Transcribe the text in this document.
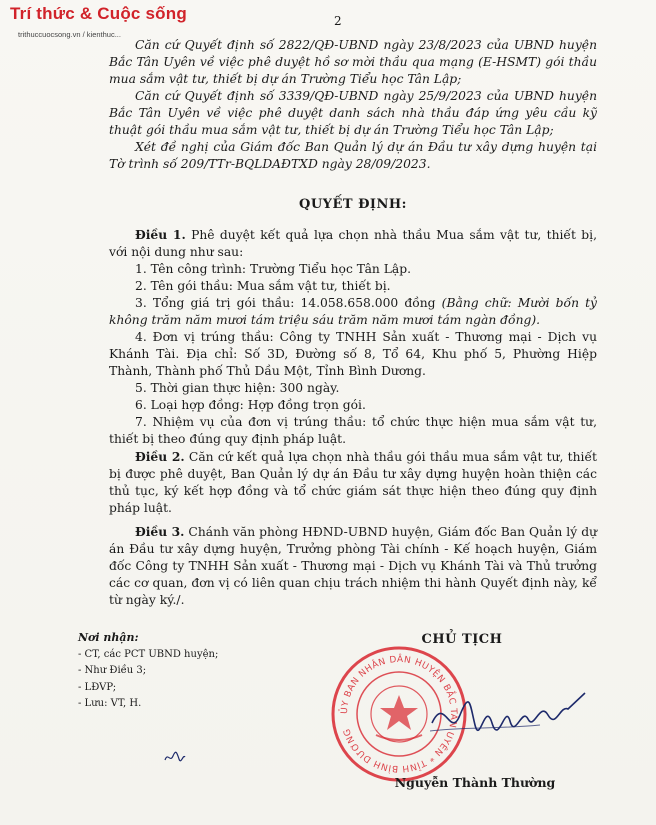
Trí thức & Cuộc sống
trithuccuocsong.vn / kienthuc...
2

Căn cứ Quyết định số 2822/QĐ-UBND ngày 23/8/2023 của UBND huyện Bắc Tân Uyên về việc phê duyệt hồ sơ mời thầu qua mạng (E-HSMT) gói thầu mua sắm vật tư, thiết bị dự án Trường Tiểu học Tân Lập;

Căn cứ Quyết định số 3339/QĐ-UBND ngày 25/9/2023 của UBND huyện Bắc Tân Uyên về việc phê duyệt danh sách nhà thầu đáp ứng yêu cầu kỹ thuật gói thầu mua sắm vật tư, thiết bị dự án Trường Tiểu học Tân Lập;

Xét đề nghị của Giám đốc Ban Quản lý dự án Đầu tư xây dựng huyện tại Tờ trình số 209/TTr-BQLDAĐTXD ngày 28/09/2023.

QUYẾT ĐỊNH:

Điều 1. Phê duyệt kết quả lựa chọn nhà thầu Mua sắm vật tư, thiết bị, với nội dung như sau:

1. Tên công trình: Trường Tiểu học Tân Lập.

2. Tên gói thầu: Mua sắm vật tư, thiết bị.

3. Tổng giá trị gói thầu: 14.058.658.000 đồng (Bằng chữ: Mười bốn tỷ không trăm năm mươi tám triệu sáu trăm năm mươi tám ngàn đồng).

4. Đơn vị trúng thầu: Công ty TNHH Sản xuất - Thương mại - Dịch vụ Khánh Tài. Địa chỉ: Số 3D, Đường số 8, Tổ 64, Khu phố 5, Phường Hiệp Thành, Thành phố Thủ Dầu Một, Tỉnh Bình Dương.

5. Thời gian thực hiện: 300 ngày.

6. Loại hợp đồng: Hợp đồng trọn gói.

7. Nhiệm vụ của đơn vị trúng thầu: tổ chức thực hiện mua sắm vật tư, thiết bị theo đúng quy định pháp luật.

Điều 2. Căn cứ kết quả lựa chọn nhà thầu gói thầu mua sắm vật tư, thiết bị được phê duyệt, Ban Quản lý dự án Đầu tư xây dựng huyện hoàn thiện các thủ tục, ký kết hợp đồng và tổ chức giám sát thực hiện theo đúng quy định pháp luật.

Điều 3. Chánh văn phòng HĐND-UBND huyện, Giám đốc Ban Quản lý dự án Đầu tư xây dựng huyện, Trưởng phòng Tài chính - Kế hoạch huyện, Giám đốc Công ty TNHH Sản xuất - Thương mại - Dịch vụ Khánh Tài và Thủ trưởng các cơ quan, đơn vị có liên quan chịu trách nhiệm thi hành Quyết định này, kể từ ngày ký./.

Nơi nhận:
- CT, các PCT UBND huyện;
- Như Điều 3;
- LĐVP;
- Lưu: VT, H.
CHỦ TỊCH
ỦY BAN NHÂN DÂN HUYỆN BẮC TÂN UYÊN * TỈNH BÌNH DƯƠNG
Nguyễn Thành Thường
